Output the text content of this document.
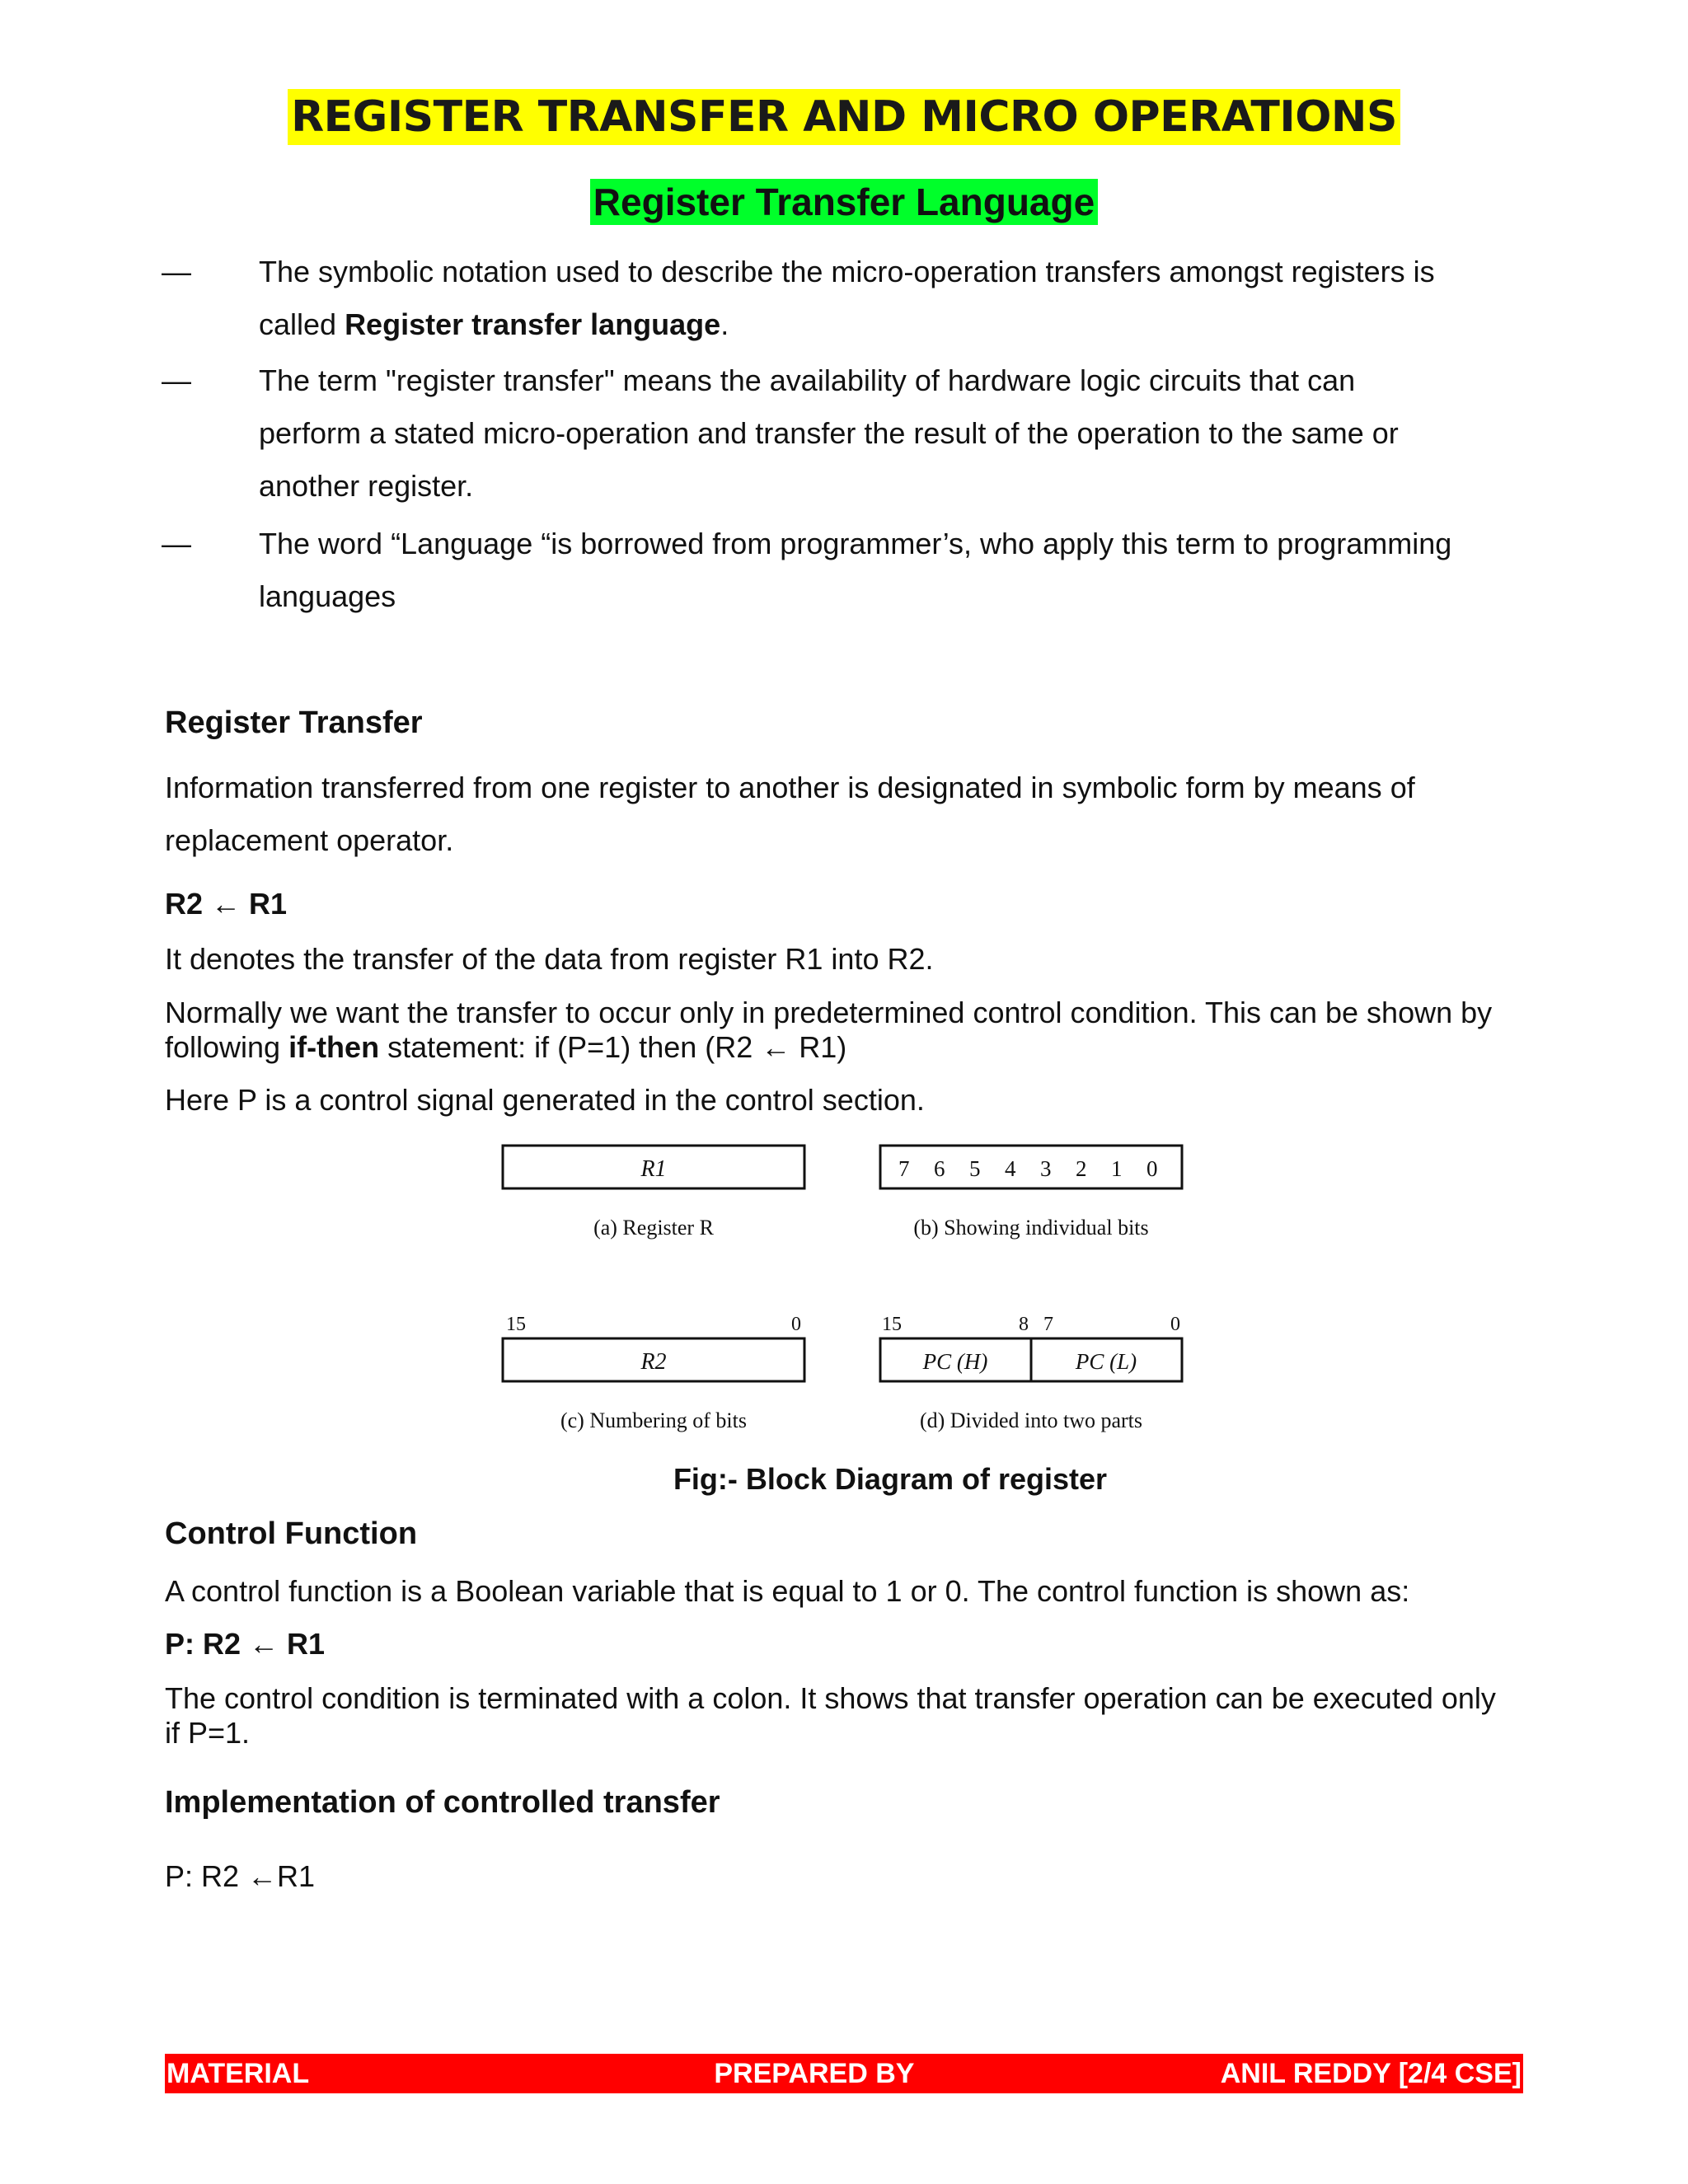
REGISTER TRANSFER AND MICRO OPERATIONS
Register Transfer Language
—	The symbolic notation used to describe the micro-operation transfers amongst registers is
called Register transfer language.
—	The term "register transfer" means the availability of hardware logic circuits that can
perform a stated micro-operation and transfer the result of the operation to the same or
another register.
—	The word “Language “is borrowed from programmer’s, who apply this term to programming
languages
Register Transfer
Information transferred from one register to another is designated in symbolic form by means of
replacement operator.
R2 ← R1
It denotes the transfer of the data from register R1 into R2.
Normally we want the transfer to occur only in predetermined control condition. This can be shown by
following if-then statement: if (P=1) then (R2 ← R1)
Here P is a control signal generated in the control section.
R1
(a) Register R
7 6 5 4 3 2 1 0
(b) Showing individual bits
15	0
R2
(c) Numbering of bits
15	8 7	0
PC (H)	PC (L)
(d) Divided into two parts
Fig:- Block Diagram of register
Control Function
A control function is a Boolean variable that is equal to 1 or 0. The control function is shown as:
P: R2 ← R1
The control condition is terminated with a colon. It shows that transfer operation can be executed only
if P=1.
Implementation of controlled transfer
P: R2 ←R1
MATERIAL	PREPARED BY	ANIL REDDY [2/4 CSE]
